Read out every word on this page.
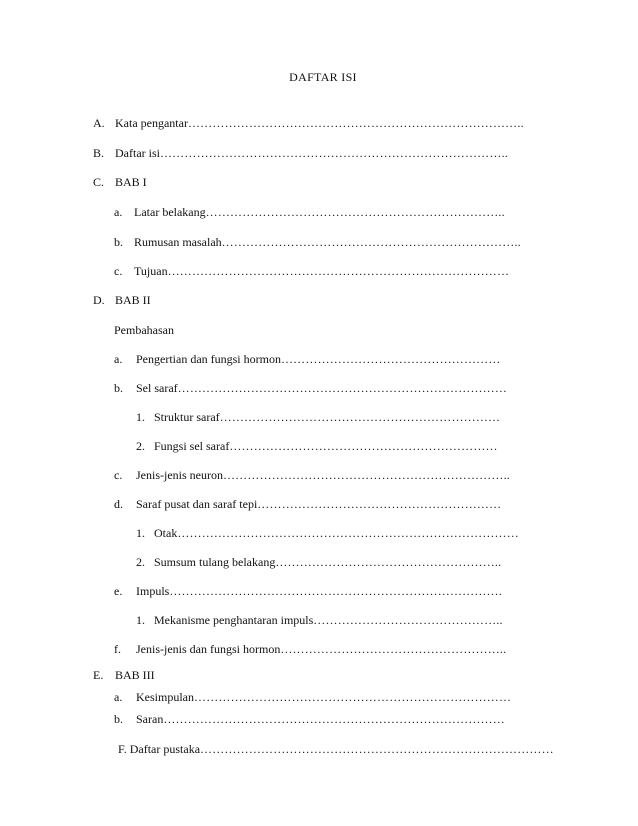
DAFTAR ISI
A. Kata pengantar………………………………………………………………………..
B. Daftar isi…………………………………………………………………………..
C. BAB I
a. Latar belakang………………………………………………………………..
b. Rumusan masalah………………………………………………………………..
c. Tujuan…………………………………………………………………………
D. BAB II
Pembahasan
a. Pengertian dan fungsi hormon………………………………………………
b. Sel saraf………………………………………………………………………
1. Struktur saraf……………………………………………………………
2. Fungsi sel saraf…………………………………………………………
c. Jenis-jenis neuron……………………………………………………………..
d. Saraf pusat dan saraf tepi……………………………………………………
1. Otak…………………………………………………………………………
2. Sumsum tulang belakang………………………………………………..
e. Impuls……………………………………………………………………….
1. Mekanisme penghantaran impuls………………………………………..
f. Jenis-jenis dan fungsi hormon………………………………………………..
E. BAB III
a. Kesimpulan……………………………………………………………………
b. Saran…………………………………………………………………………
F. Daftar pustaka……………………………………………………………………………
